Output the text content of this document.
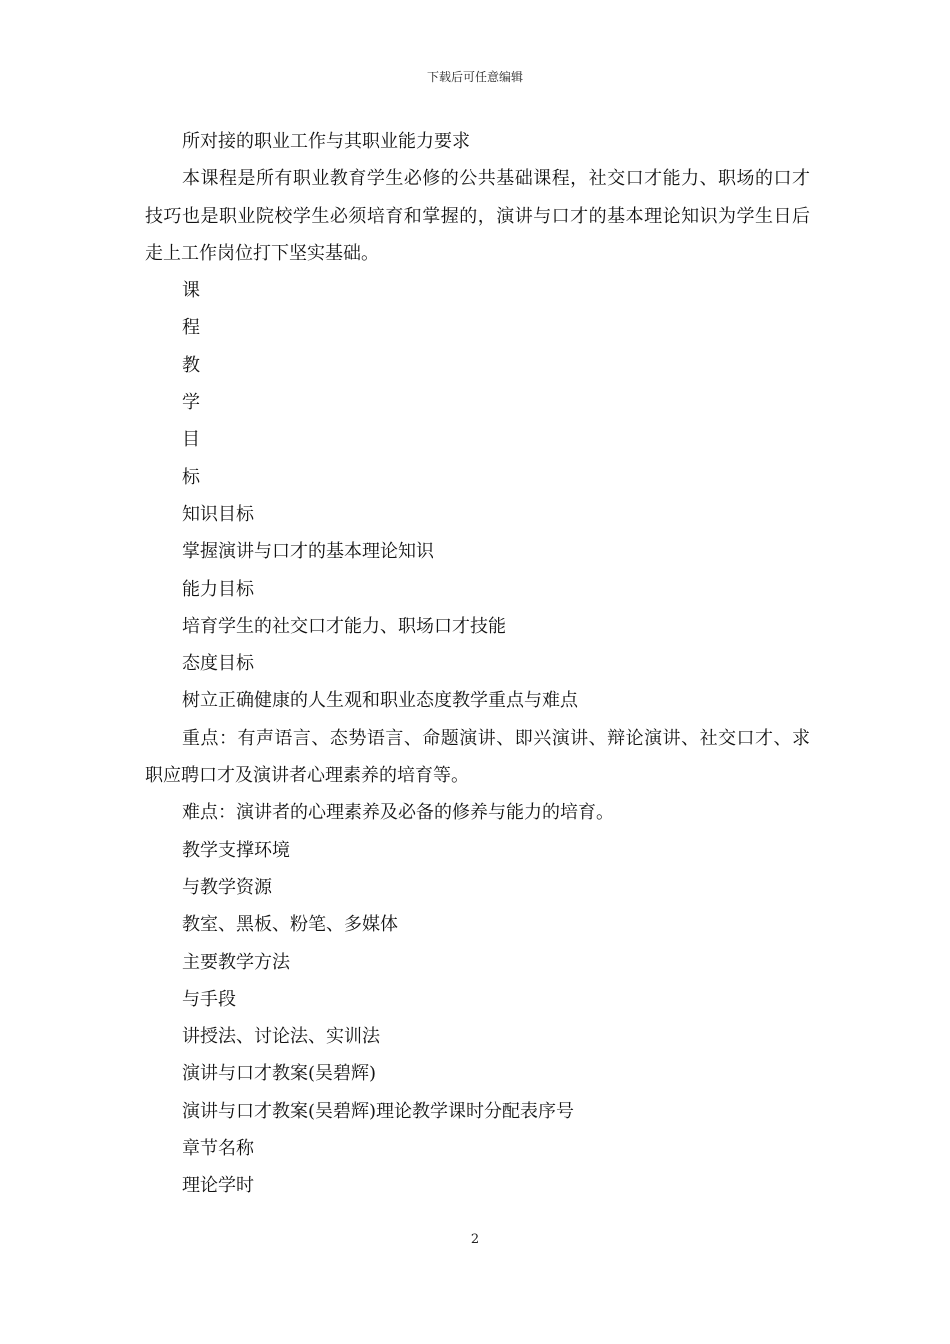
下载后可任意编辑
所对接的职业工作与其职业能力要求
本课程是所有职业教育学生必修的公共基础课程，社交口才能力、职场的口才技巧也是职业院校学生必须培育和掌握的，演讲与口才的基本理论知识为学生日后走上工作岗位打下坚实基础。
课
程
教
学
目
标
知识目标
掌握演讲与口才的基本理论知识
能力目标
培育学生的社交口才能力、职场口才技能
态度目标
树立正确健康的人生观和职业态度教学重点与难点
重点：有声语言、态势语言、命题演讲、即兴演讲、辩论演讲、社交口才、求职应聘口才及演讲者心理素养的培育等。
难点：演讲者的心理素养及必备的修养与能力的培育。
教学支撑环境
与教学资源
教室、黑板、粉笔、多媒体
主要教学方法
与手段
讲授法、讨论法、实训法
演讲与口才教案(吴碧辉)
演讲与口才教案(吴碧辉)理论教学课时分配表序号
章节名称
理论学时
2
